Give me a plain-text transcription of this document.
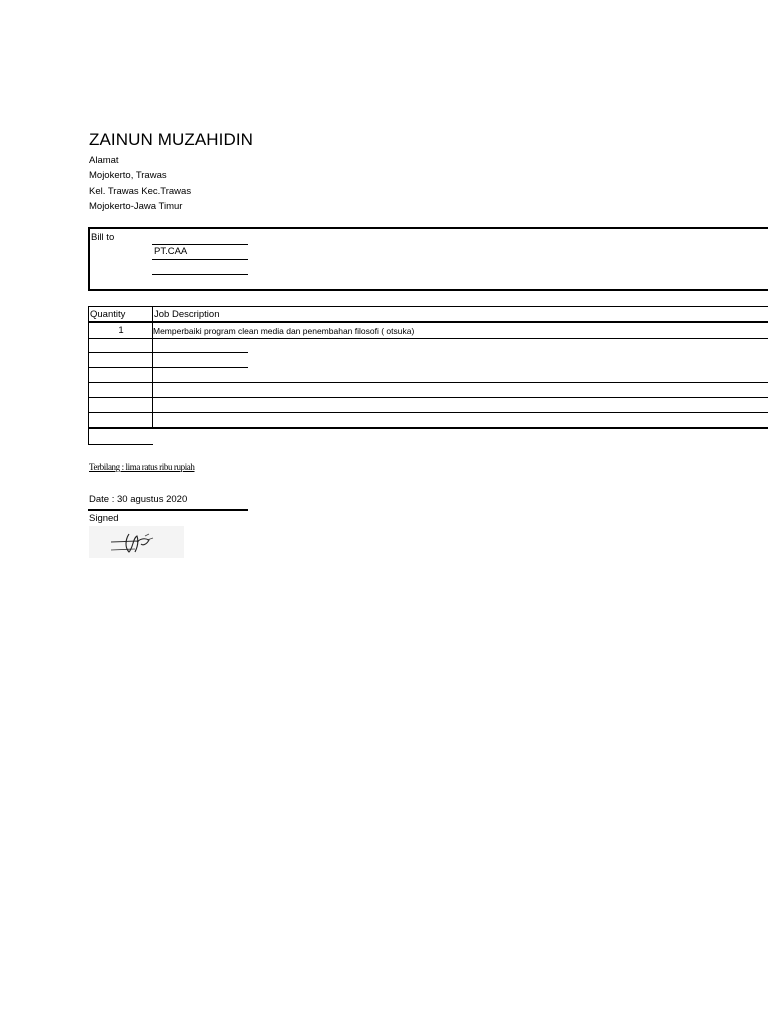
ZAINUN MUZAHIDIN
Alamat
Mojokerto, Trawas
Kel. Trawas Kec.Trawas
Mojokerto-Jawa Timur
Bill to
PT.CAA
Quantity	Job Description
1	Memperbaiki program clean media dan penembahan filosofi ( otsuka)
Terbilang : lima ratus ribu rupiah
Date : 30 agustus 2020
Signed
